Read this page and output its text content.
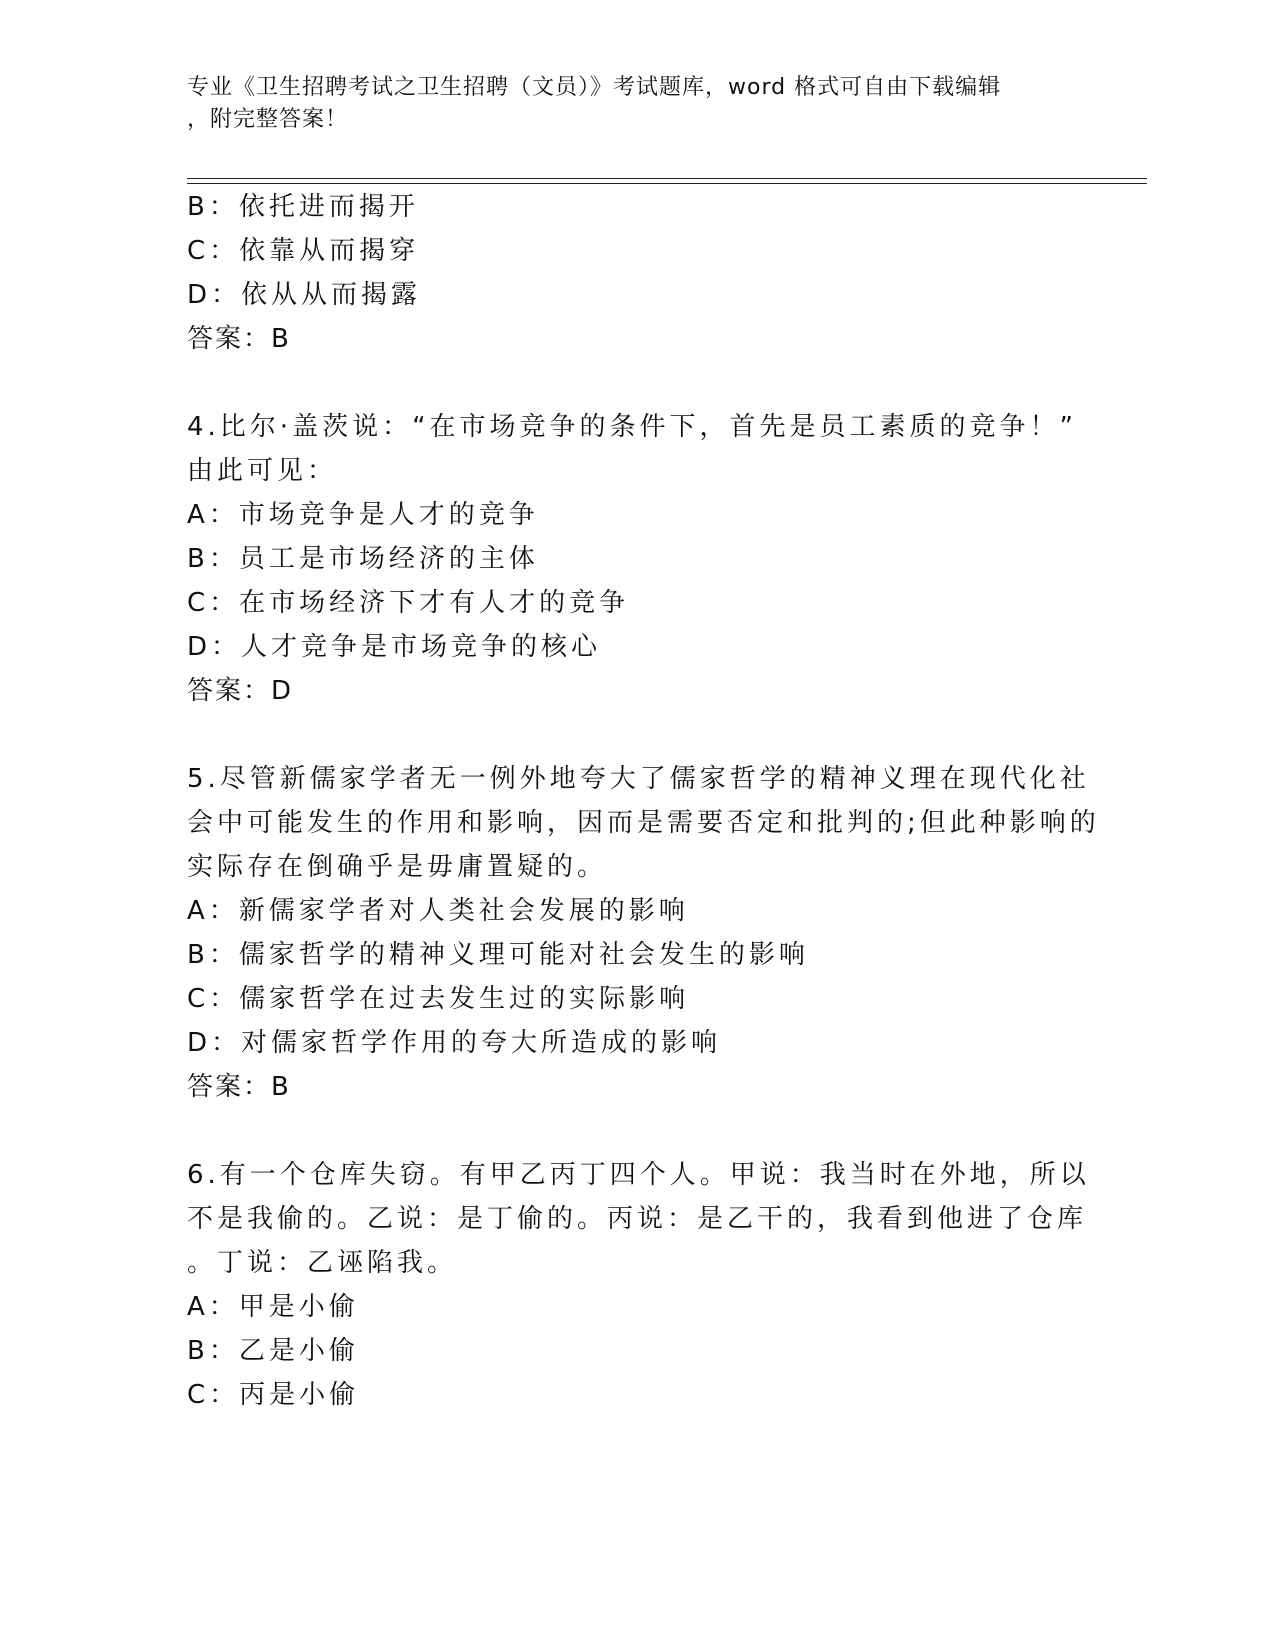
专业《卫生招聘考试之卫生招聘（文员）》考试题库，word 格式可自由下载编辑
，附完整答案！
B：依托进而揭开
C：依靠从而揭穿
D：依从从而揭露
答案：B
4.比尔·盖茨说：“在市场竞争的条件下，首先是员工素质的竞争！”
由此可见：
A：市场竞争是人才的竞争
B：员工是市场经济的主体
C：在市场经济下才有人才的竞争
D：人才竞争是市场竞争的核心
答案：D
5.尽管新儒家学者无一例外地夸大了儒家哲学的精神义理在现代化社
会中可能发生的作用和影响，因而是需要否定和批判的;但此种影响的
实际存在倒确乎是毋庸置疑的。
A：新儒家学者对人类社会发展的影响
B：儒家哲学的精神义理可能对社会发生的影响
C：儒家哲学在过去发生过的实际影响
D：对儒家哲学作用的夸大所造成的影响
答案：B
6.有一个仓库失窃。有甲乙丙丁四个人。甲说：我当时在外地，所以
不是我偷的。乙说：是丁偷的。丙说：是乙干的，我看到他进了仓库
。丁说：乙诬陷我。
A：甲是小偷
B：乙是小偷
C：丙是小偷
